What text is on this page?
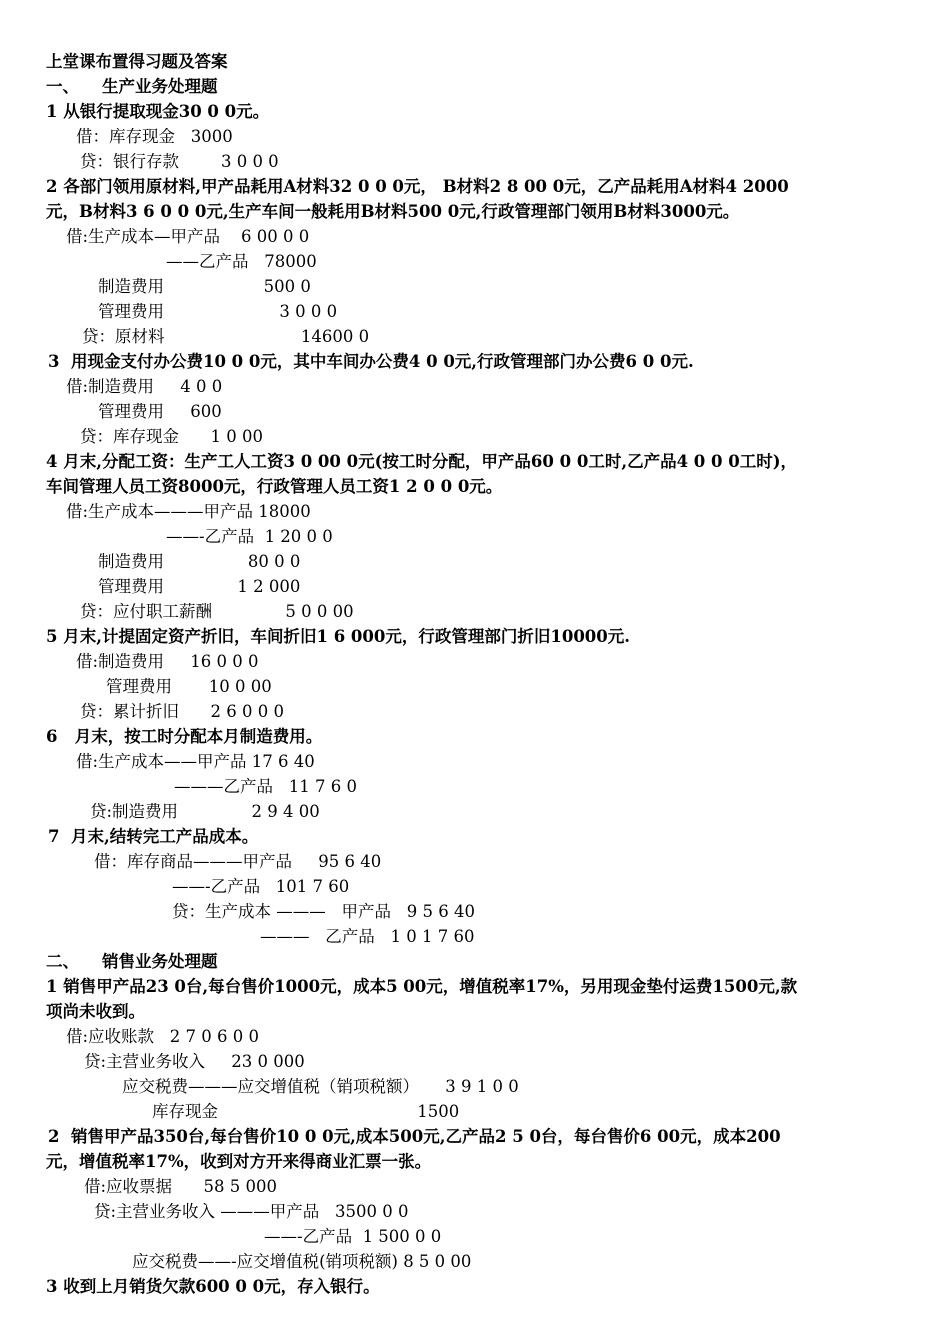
上堂课布置得习题及答案
一、    生产业务处理题
1 从银行提取现金30 0 0元。
借：库存现金   3000
贷：银行存款        3 0 0 0
2 各部门领用原材料,甲产品耗用A材料32 0 0 0元， B材料2 8 00 0元，乙产品耗用A材料4 2000
元，B材料3 6 0 0 0元,生产车间一般耗用B材料500 0元,行政管理部门领用B材料3000元。
借:生产成本—甲产品    6 00 0 0
——乙产品   78000
制造费用                   500 0
管理费用                      3 0 0 0
贷：原材料                          14600 0
3  用现金支付办公费10 0 0元，其中车间办公费4 0 0元,行政管理部门办公费6 0 0元.
借:制造费用     4 0 0
管理费用     600
贷：库存现金      1 0 00
4 月末,分配工资：生产工人工资3 0 00 0元(按工时分配，甲产品60 0 0工时,乙产品4 0 0 0工时)，
车间管理人员工资8000元，行政管理人员工资1 2 0 0 0元。
借:生产成本———甲产品 18000
——-乙产品  1 20 0 0
制造费用                80 0 0
管理费用              1 2 000
贷：应付职工薪酬              5 0 0 00
5 月末,计提固定资产折旧，车间折旧1 6 000元，行政管理部门折旧10000元.
借:制造费用     16 0 0 0
管理费用       10 0 00
贷：累计折旧      2 6 0 0 0
6   月末，按工时分配本月制造费用。
借:生产成本——甲产品 17 6 40
———乙产品   11 7 6 0
贷:制造费用              2 9 4 00
7  月末,结转完工产品成本。
借：库存商品———甲产品     95 6 40
——-乙产品   101 7 60
贷：生产成本 ———   甲产品   9 5 6 40
———   乙产品   1 0 1 7 60
二、    销售业务处理题
1 销售甲产品23 0台,每台售价1000元，成本5 00元，增值税率17%，另用现金垫付运费1500元,款
项尚未收到。
借:应收账款   2 7 0 6 0 0
贷:主营业务收入     23 0 000
应交税费———应交增值税（销项税额）     3 9 1 0 0
库存现金                                      1500
2  销售甲产品350台,每台售价10 0 0元,成本500元,乙产品2 5 0台，每台售价6 00元，成本200
元，增值税率17%，收到对方开来得商业汇票一张。
借:应收票据      58 5 000
贷:主营业务收入 ———甲产品   3500 0 0
——-乙产品  1 500 0 0
应交税费——-应交增值税(销项税额) 8 5 0 00
3 收到上月销货欠款600 0 0元，存入银行。
